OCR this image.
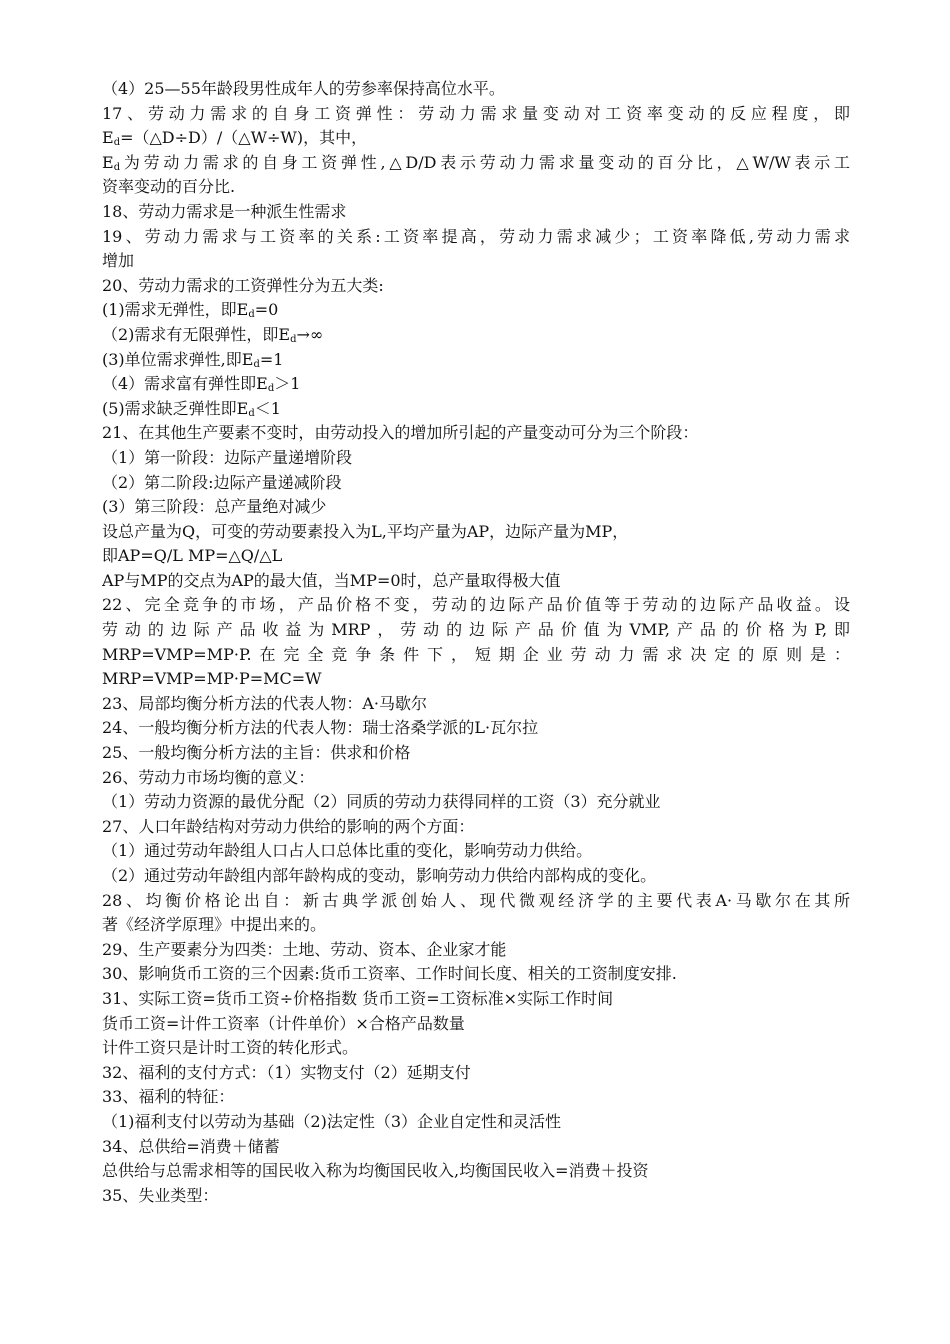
（4）25—55年龄段男性成年人的劳参率保持高位水平。
17、劳动力需求的自身工资弹性：劳动力需求量变动对工资率变动的反应程度，即
$E_d=(\triangle D\div D)/(\triangle W\div W)$，其中，
$E_d$为劳动力需求的自身工资弹性,△D/D表示劳动力需求量变动的百分比，△W/W表示工
资率变动的百分比.
18、劳动力需求是一种派生性需求
19、劳动力需求与工资率的关系:工资率提高，劳动力需求减少；工资率降低,劳动力需求
增加
20、劳动力需求的工资弹性分为五大类:
(1)需求无弹性，即$E_d=0$
（2)需求有无限弹性，即$E_d\to\infty$
(3)单位需求弹性,即$E_d=1$
（4）需求富有弹性即$E_d>1$
(5)需求缺乏弹性即$E_d<1$
21、在其他生产要素不变时，由劳动投入的增加所引起的产量变动可分为三个阶段：
（1）第一阶段：边际产量递增阶段
（2）第二阶段:边际产量递减阶段
(3）第三阶段：总产量绝对减少
设总产量为Q，可变的劳动要素投入为L,平均产量为AP，边际产量为MP，
即AP=Q/L MP=△Q/△L
AP与MP的交点为AP的最大值，当MP=0时，总产量取得极大值
22、完全竞争的市场，产品价格不变，劳动的边际产品价值等于劳动的边际产品收益。设
劳动的边际产品收益为MRP，劳动的边际产品价值为VMP,产品的价格为P,即
MRP=VMP=MP·P.在完全竞争条件下，短期企业劳动力需求决定的原则是：
MRP=VMP=MP·P=MC=W
23、局部均衡分析方法的代表人物：A·马歇尔
24、一般均衡分析方法的代表人物：瑞士洛桑学派的L·瓦尔拉
25、一般均衡分析方法的主旨：供求和价格
26、劳动力市场均衡的意义：
（1）劳动力资源的最优分配（2）同质的劳动力获得同样的工资（3）充分就业
27、人口年龄结构对劳动力供给的影响的两个方面：
（1）通过劳动年龄组人口占人口总体比重的变化，影响劳动力供给。
（2）通过劳动年龄组内部年龄构成的变动，影响劳动力供给内部构成的变化。
28、均衡价格论出自：新古典学派创始人、现代微观经济学的主要代表A·马歇尔在其所
著《经济学原理》中提出来的。
29、生产要素分为四类：土地、劳动、资本、企业家才能
30、影响货币工资的三个因素:货币工资率、工作时间长度、相关的工资制度安排.
31、实际工资=货币工资÷价格指数 货币工资=工资标准×实际工作时间
货币工资=计件工资率（计件单价）×合格产品数量
计件工资只是计时工资的转化形式。
32、福利的支付方式：（1）实物支付（2）延期支付
33、福利的特征：
（1)福利支付以劳动为基础（2)法定性（3）企业自定性和灵活性
34、总供给=消费＋储蓄
总供给与总需求相等的国民收入称为均衡国民收入,均衡国民收入=消费＋投资
35、失业类型：
